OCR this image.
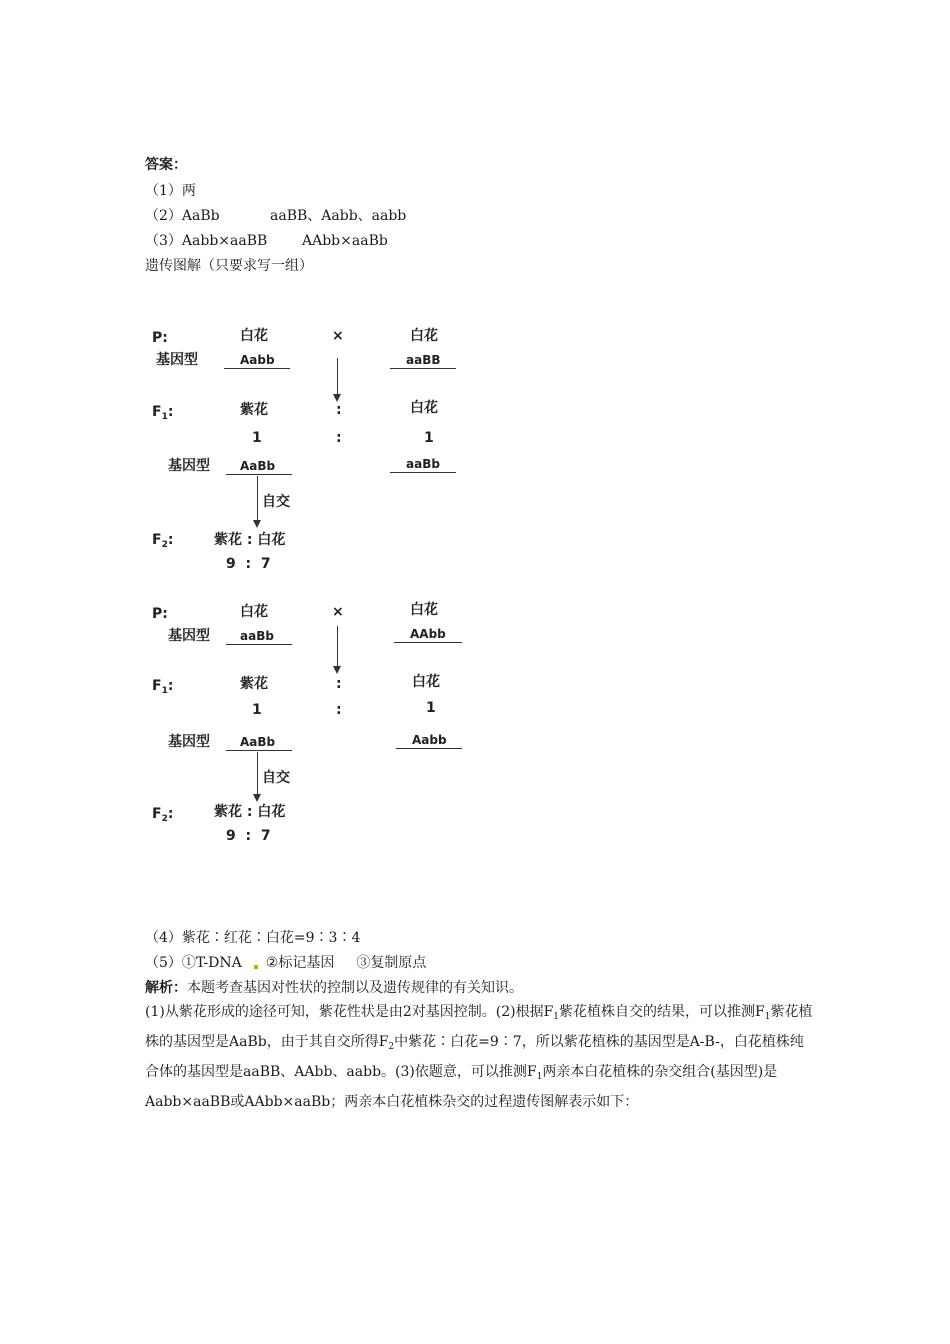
答案：
（1）两
（2）AaBb	aaBB、Aabb、aabb
（3）Aabb×aaBB AAbb×aaBb
遗传图解（只要求写一组）
P:	白花	×	白花
基因型	Aabb	aaBB
$F_1$:	紫花	:	白花
1	:	1
基因型	AaBb	aaBb
自交
$F_2$:	紫花 : 白花
9  :  7
P:	白花	×	白花
基因型	aaBb	AAbb
$F_1$:	紫花	:	白花
1	:	1
基因型	AaBb	Aabb
自交
$F_2$:	紫花 : 白花
9  :  7
（4）紫花∶红花∶白花=9∶3∶4
（5）①T-DNA ②标记基因 ③复制原点
解析：本题考查基因对性状的控制以及遗传规律的有关知识。
(1)从紫花形成的途径可知，紫花性状是由2对基因控制。(2)根据$F_1$紫花植株自交的结果，可以推测$F_1$紫花植株的基因型是AaBb，由于其自交所得$F_2$中紫花∶白花=9∶7，所以紫花植株的基因型是A-B-，白花植株纯合体的基因型是aaBB、AAbb、aabb。(3)依题意，可以推测$F_1$两亲本白花植株的杂交组合(基因型)是Aabb×aaBB或AAbb×aaBb；两亲本白花植株杂交的过程遗传图解表示如下：
